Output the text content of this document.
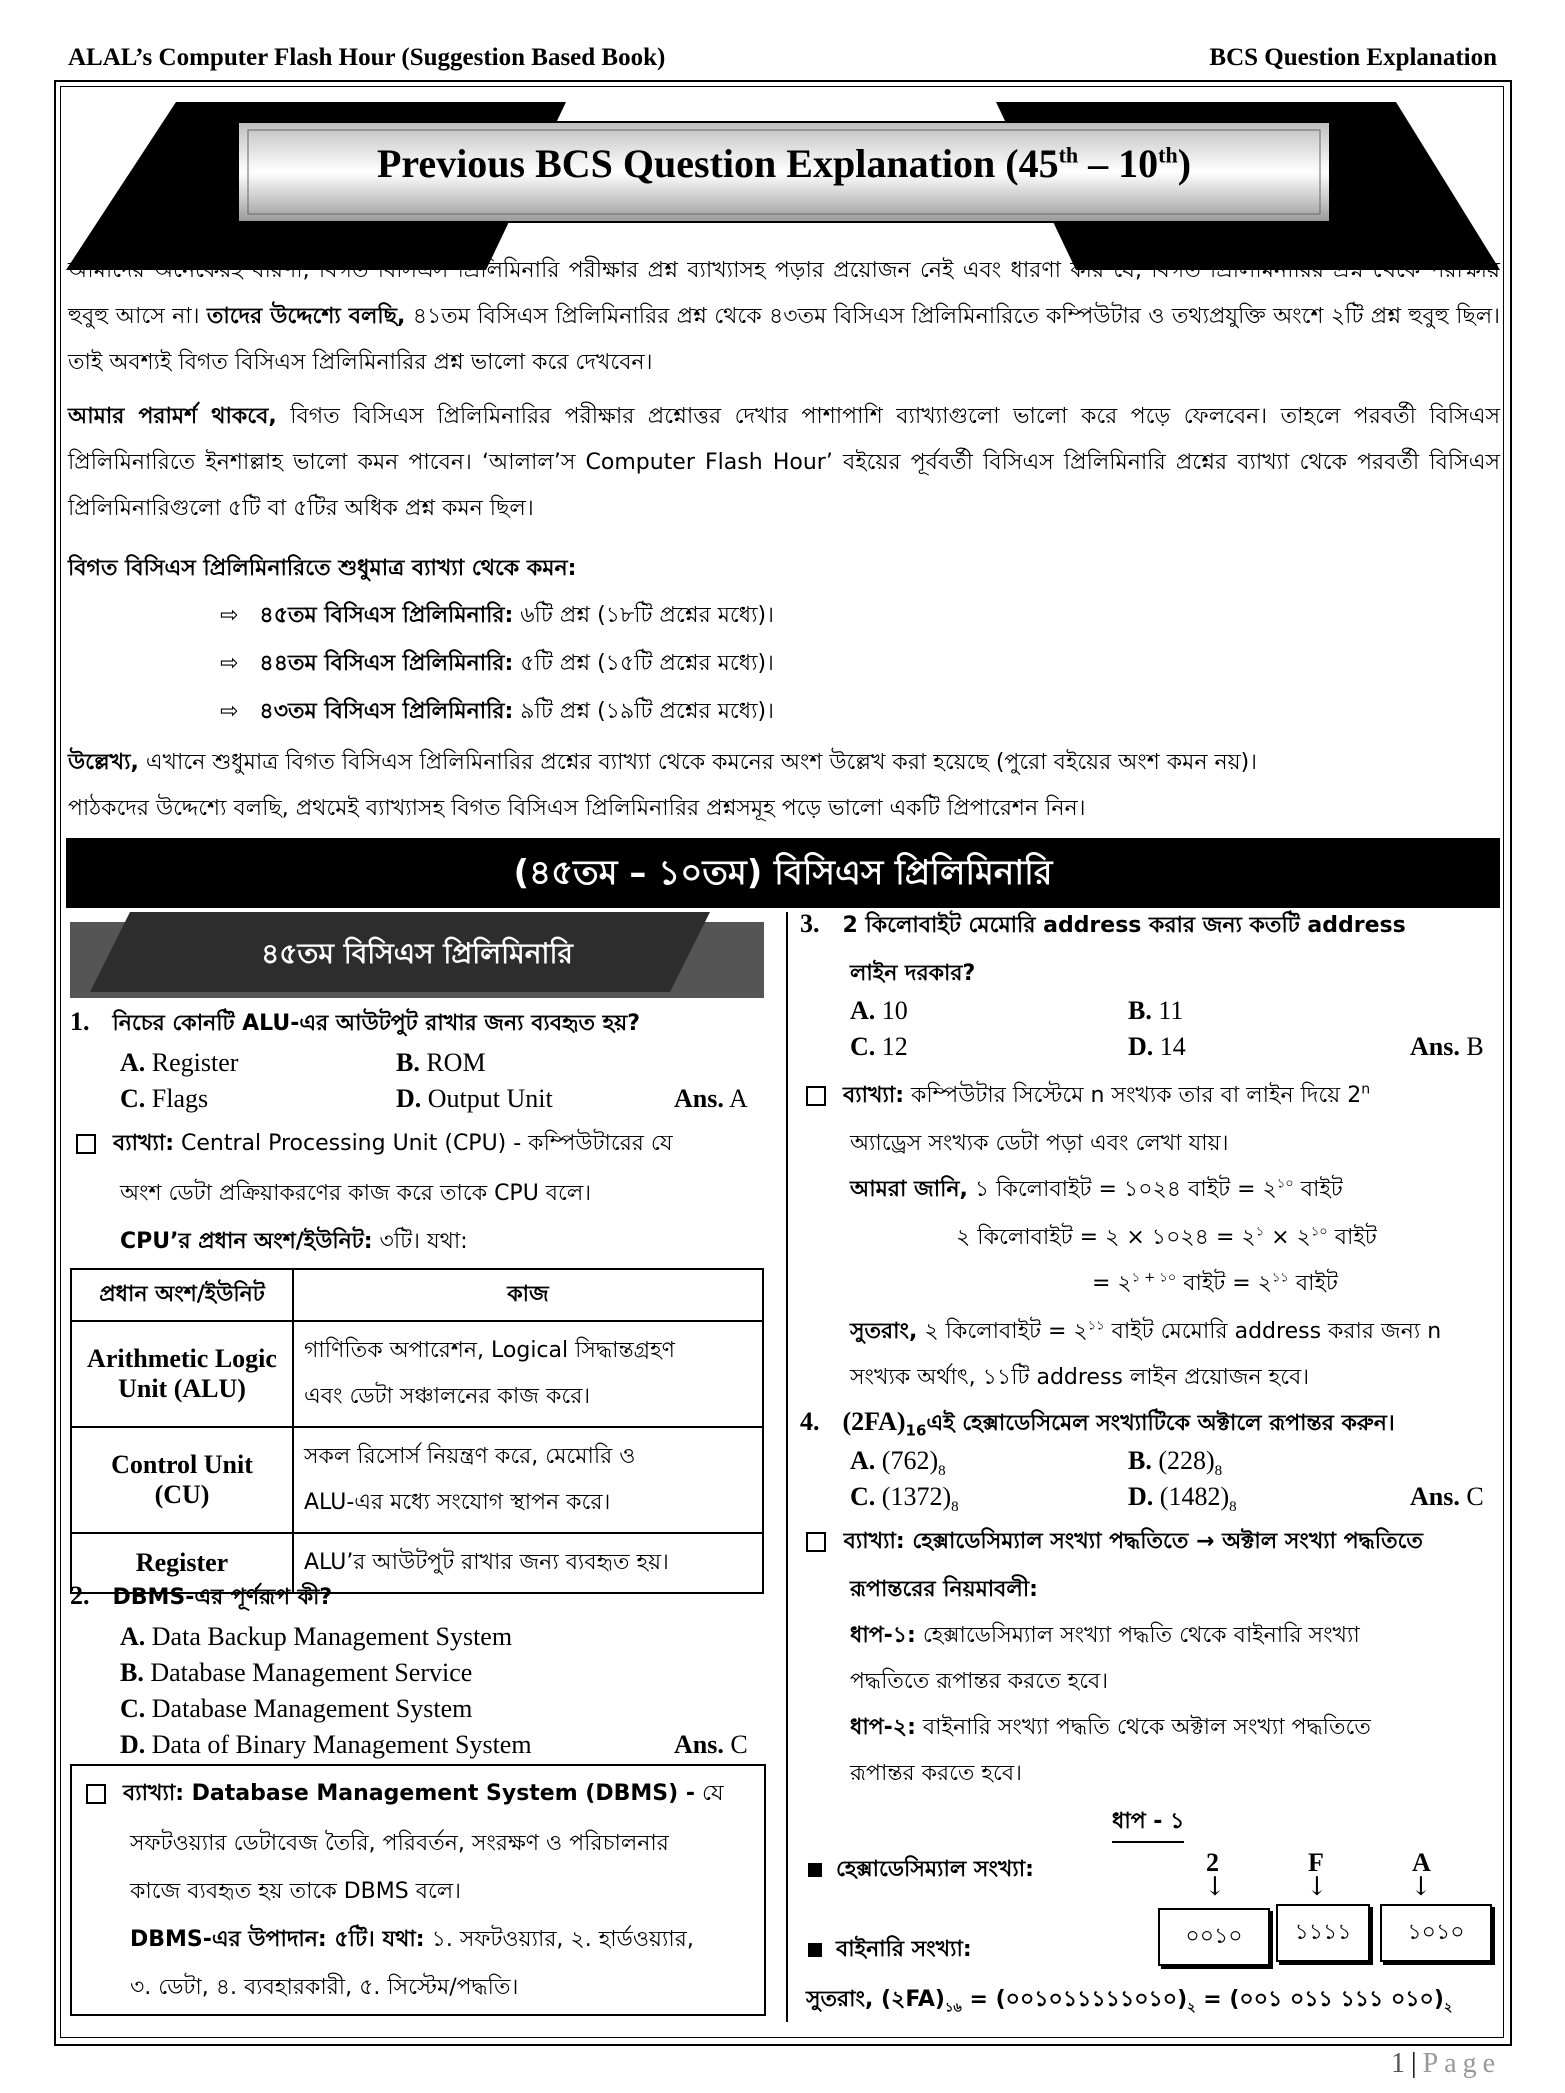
ALAL’s Computer Flash Hour (Suggestion Based Book)	BCS Question Explanation
Previous BCS Question Explanation (45th – 10th)
আমাদের অনেকেরই ধারণা, বিগত বিসিএস প্রিলিমিনারি পরীক্ষার প্রশ্ন ব্যাখ্যাসহ পড়ার প্রয়োজন নেই এবং ধারণা করি যে, বিগত প্রিলিমিনারির প্রশ্ন থেকে পরীক্ষায় হুবুহু আসে না। তাদের উদ্দেশ্যে বলছি, ৪১তম বিসিএস প্রিলিমিনারির প্রশ্ন থেকে ৪৩তম বিসিএস প্রিলিমিনারিতে কম্পিউটার ও তথ্যপ্রযুক্তি অংশে ২টি প্রশ্ন হুবুহু ছিল। তাই অবশ্যই বিগত বিসিএস প্রিলিমিনারির প্রশ্ন ভালো করে দেখবেন।
আমার পরামর্শ থাকবে, বিগত বিসিএস প্রিলিমিনারির পরীক্ষার প্রশ্নোত্তর দেখার পাশাপাশি ব্যাখ্যাগুলো ভালো করে পড়ে ফেলবেন। তাহলে পরবর্তী বিসিএস প্রিলিমিনারিতে ইনশাল্লাহ ভালো কমন পাবেন। ‘আলাল’স Computer Flash Hour’ বইয়ের পূর্ববর্তী বিসিএস প্রিলিমিনারি প্রশ্নের ব্যাখ্যা থেকে পরবর্তী বিসিএস প্রিলিমিনারিগুলো ৫টি বা ৫টির অধিক প্রশ্ন কমন ছিল।
বিগত বিসিএস প্রিলিমিনারিতে শুধুমাত্র ব্যাখ্যা থেকে কমন:
⇨   ৪৫তম বিসিএস প্রিলিমিনারি: ৬টি প্রশ্ন (১৮টি প্রশ্নের মধ্যে)।
⇨   ৪৪তম বিসিএস প্রিলিমিনারি: ৫টি প্রশ্ন (১৫টি প্রশ্নের মধ্যে)।
⇨   ৪৩তম বিসিএস প্রিলিমিনারি: ৯টি প্রশ্ন (১৯টি প্রশ্নের মধ্যে)।
উল্লেখ্য, এখানে শুধুমাত্র বিগত বিসিএস প্রিলিমিনারির প্রশ্নের ব্যাখ্যা থেকে কমনের অংশ উল্লেখ করা হয়েছে (পুরো বইয়ের অংশ কমন নয়)।
পাঠকদের উদ্দেশ্যে বলছি, প্রথমেই ব্যাখ্যাসহ বিগত বিসিএস প্রিলিমিনারির প্রশ্নসমূহ পড়ে ভালো একটি প্রিপারেশন নিন।
(৪৫তম – ১০তম) বিসিএস প্রিলিমিনারি
৪৫তম বিসিএস প্রিলিমিনারি
1. নিচের কোনটি ALU-এর আউটপুট রাখার জন্য ব্যবহৃত হয়?
A. Register	B. ROM
C. Flags	D. Output Unit	Ans. A
ব্যাখ্যা: Central Processing Unit (CPU) - কম্পিউটারের যে
অংশ ডেটা প্রক্রিয়াকরণের কাজ করে তাকে CPU বলে।
CPU’র প্রধান অংশ/ইউনিট: ৩টি। যথা:
প্রধান অংশ/ইউনিট	কাজ
Arithmetic Logic
Unit (ALU)	গাণিতিক অপারেশন, Logical সিদ্ধান্তগ্রহণ
এবং ডেটা সঞ্চালনের কাজ করে।
Control Unit
(CU)	সকল রিসোর্স নিয়ন্ত্রণ করে, মেমোরি ও
ALU-এর মধ্যে সংযোগ স্থাপন করে।
Register	ALU’র আউটপুট রাখার জন্য ব্যবহৃত হয়।
2. DBMS-এর পূর্ণরূপ কী?
A. Data Backup Management System
B. Database Management Service
C. Database Management System
D. Data of Binary Management System	Ans. C
ব্যাখ্যা: Database Management System (DBMS) - যে
সফটওয়্যার ডেটাবেজ তৈরি, পরিবর্তন, সংরক্ষণ ও পরিচালনার
কাজে ব্যবহৃত হয় তাকে DBMS বলে।
DBMS-এর উপাদান: ৫টি। যথা: ১. সফটওয়্যার, ২. হার্ডওয়্যার,
৩. ডেটা, ৪. ব্যবহারকারী, ৫. সিস্টেম/পদ্ধতি।
3. 2 কিলোবাইট মেমোরি address করার জন্য কতটি address
লাইন দরকার?
A. 10	B. 11
C. 12	D. 14	Ans. B
ব্যাখ্যা: কম্পিউটার সিস্টেমে n সংখ্যক তার বা লাইন দিয়ে 2$^n$
অ্যাড্রেস সংখ্যক ডেটা পড়া এবং লেখা যায়।
আমরা জানি, ১ কিলোবাইট = ১০২৪ বাইট = $২^{১০}$ বাইট
২ কিলোবাইট = ২ × ১০২৪ = $২^১$ × $২^{১০}$ বাইট
= $২^{১ + ১০}$ বাইট = $২^{১১}$ বাইট
সুতরাং, ২ কিলোবাইট = $২^{১১}$ বাইট মেমোরি address করার জন্য n
সংখ্যক অর্থাৎ, ১১টি address লাইন প্রয়োজন হবে।
4. $(2FA)_{16}এই$ হেক্সাডেসিমেল সংখ্যাটিকে অক্টালে রূপান্তর করুন।
A. $(762)_8$	B. $(228)_8$
C. $(1372)_8$	D. $(1482)_8$	Ans. C
ব্যাখ্যা: হেক্সাডেসিম্যাল সংখ্যা পদ্ধতিতে → অক্টাল সংখ্যা পদ্ধতিতে
রূপান্তরের নিয়মাবলী:
ধাপ-১: হেক্সাডেসিম্যাল সংখ্যা পদ্ধতি থেকে বাইনারি সংখ্যা
পদ্ধতিতে রূপান্তর করতে হবে।
ধাপ-২: বাইনারি সংখ্যা পদ্ধতি থেকে অক্টাল সংখ্যা পদ্ধতিতে
রূপান্তর করতে হবে।
ধাপ - ১
হেক্সাডেসিম্যাল সংখ্যা:	2	F	A
↓	↓	↓
০০১০	১১১১	১০১০
বাইনারি সংখ্যা:
সুতরাং, $(২FA)_{১৬}$ = $(০০১০১১১১১০১০)_২$ = (০০১ ০১১ ১১১ $০১০)_২$
1 | Page
